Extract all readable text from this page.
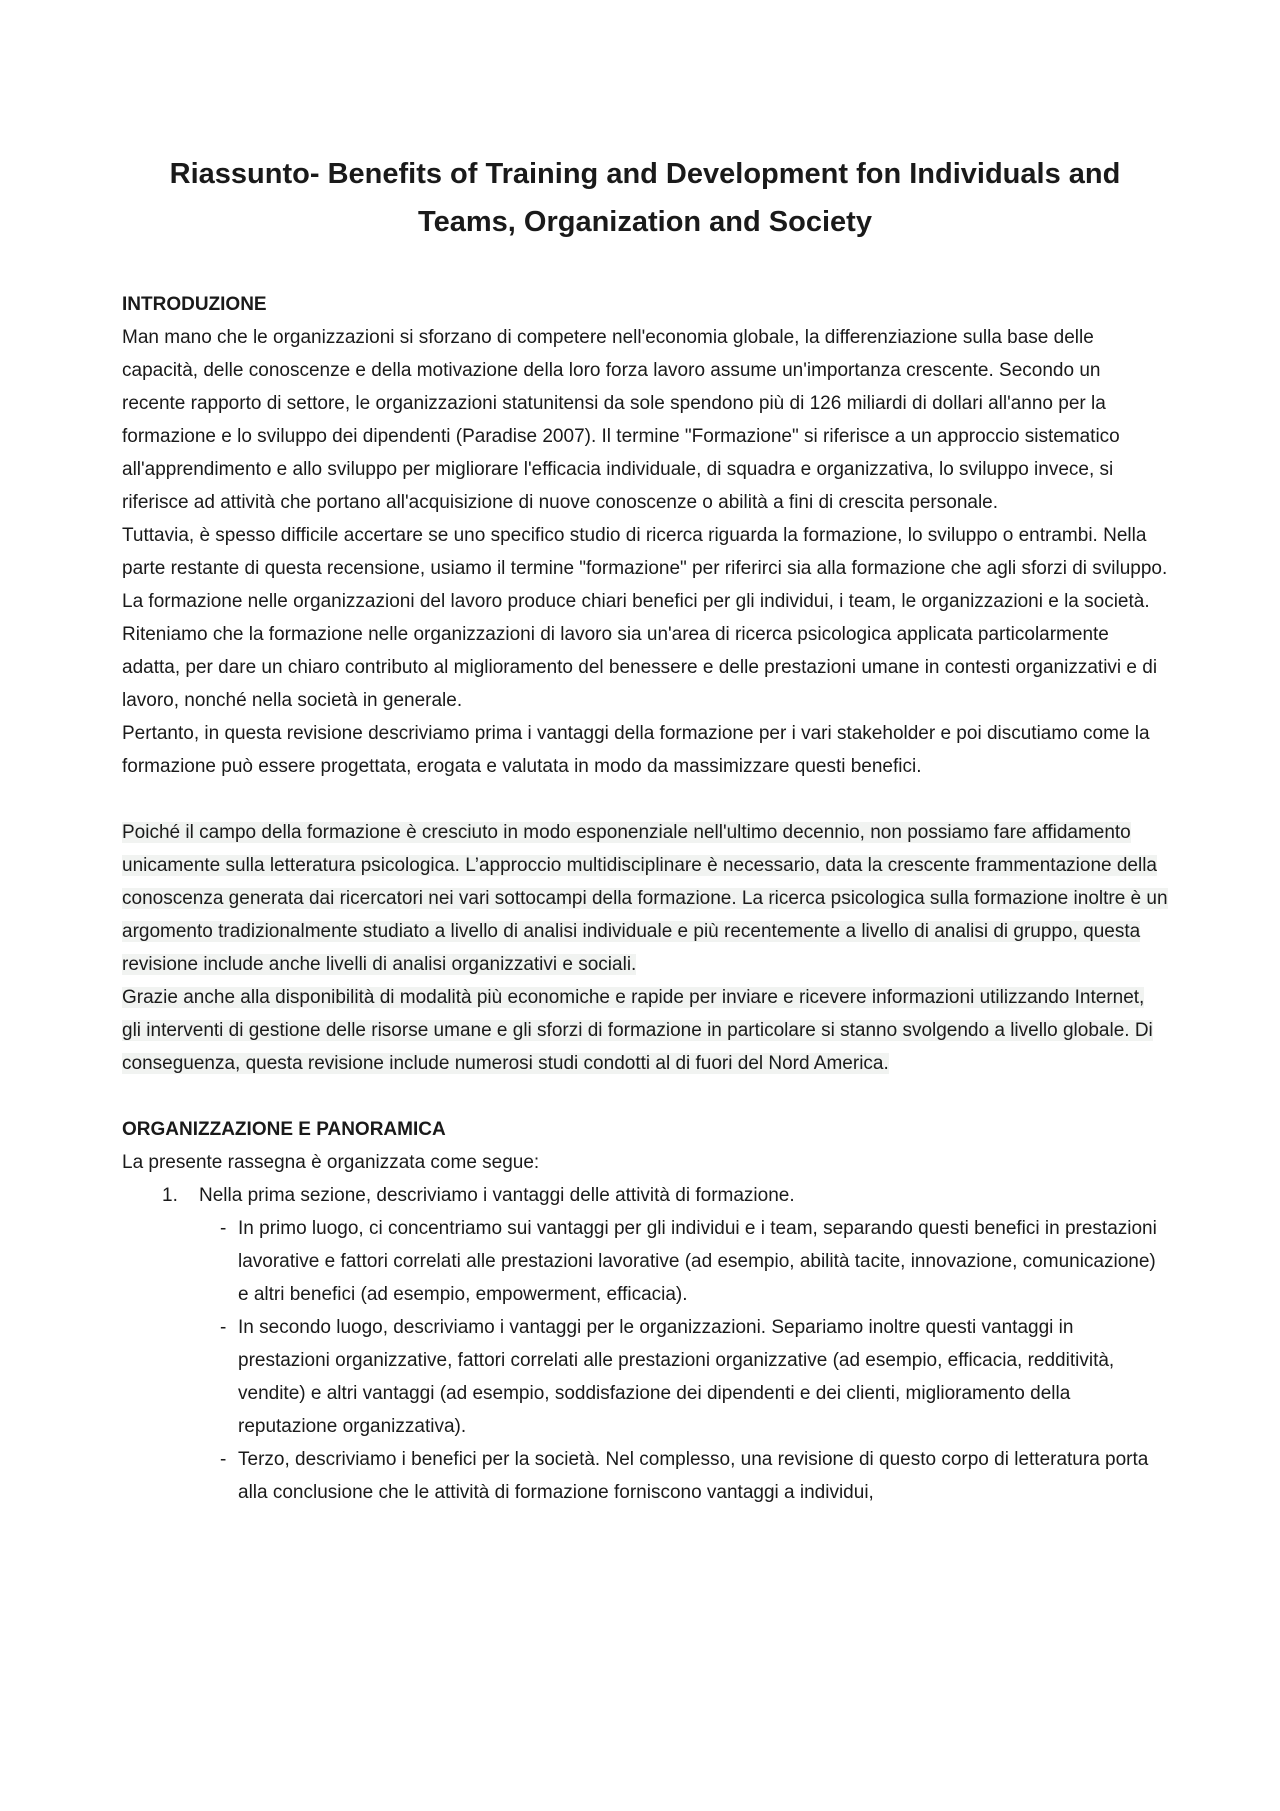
Riassunto- Benefits of Training and Development fon Individuals and Teams, Organization and Society
INTRODUZIONE

Man mano che le organizzazioni si sforzano di competere nell'economia globale, la differenziazione sulla base delle capacità, delle conoscenze e della motivazione della loro forza lavoro assume un'importanza crescente. Secondo un recente rapporto di settore, le organizzazioni statunitensi da sole spendono più di 126 miliardi di dollari all'anno per la formazione e lo sviluppo dei dipendenti (Paradise 2007). Il termine "Formazione" si riferisce a un approccio sistematico all'apprendimento e allo sviluppo per migliorare l'efficacia individuale, di squadra e organizzativa, lo sviluppo invece, si riferisce ad attività che portano all'acquisizione di nuove conoscenze o abilità a fini di crescita personale.

Tuttavia, è spesso difficile accertare se uno specifico studio di ricerca riguarda la formazione, lo sviluppo o entrambi. Nella parte restante di questa recensione, usiamo il termine "formazione" per riferirci sia alla formazione che agli sforzi di sviluppo.

La formazione nelle organizzazioni del lavoro produce chiari benefici per gli individui, i team, le organizzazioni e la società. Riteniamo che la formazione nelle organizzazioni di lavoro sia un'area di ricerca psicologica applicata particolarmente adatta, per dare un chiaro contributo al miglioramento del benessere e delle prestazioni umane in contesti organizzativi e di lavoro, nonché nella società in generale.

Pertanto, in questa revisione descriviamo prima i vantaggi della formazione per i vari stakeholder e poi discutiamo come la formazione può essere progettata, erogata e valutata in modo da massimizzare questi benefici.

Poiché il campo della formazione è cresciuto in modo esponenziale nell'ultimo decennio, non possiamo fare affidamento unicamente sulla letteratura psicologica. L’approccio multidisciplinare è necessario, data la crescente frammentazione della conoscenza generata dai ricercatori nei vari sottocampi della formazione. La ricerca psicologica sulla formazione inoltre è un argomento tradizionalmente studiato a livello di analisi individuale e più recentemente a livello di analisi di gruppo, questa revisione include anche livelli di analisi organizzativi e sociali.

Grazie anche alla disponibilità di modalità più economiche e rapide per inviare e ricevere informazioni utilizzando Internet, gli interventi di gestione delle risorse umane e gli sforzi di formazione in particolare si stanno svolgendo a livello globale. Di conseguenza, questa revisione include numerosi studi condotti al di fuori del Nord America.

ORGANIZZAZIONE E PANORAMICA

La presente rassegna è organizzata come segue:

1. Nella prima sezione, descriviamo i vantaggi delle attività di formazione.
- In primo luogo, ci concentriamo sui vantaggi per gli individui e i team, separando questi benefici in prestazioni lavorative e fattori correlati alle prestazioni lavorative (ad esempio, abilità tacite, innovazione, comunicazione) e altri benefici (ad esempio, empowerment, efficacia).
- In secondo luogo, descriviamo i vantaggi per le organizzazioni. Separiamo inoltre questi vantaggi in prestazioni organizzative, fattori correlati alle prestazioni organizzative (ad esempio, efficacia, redditività, vendite) e altri vantaggi (ad esempio, soddisfazione dei dipendenti e dei clienti, miglioramento della reputazione organizzativa).
- Terzo, descriviamo i benefici per la società. Nel complesso, una revisione di questo corpo di letteratura porta alla conclusione che le attività di formazione forniscono vantaggi a individui,
